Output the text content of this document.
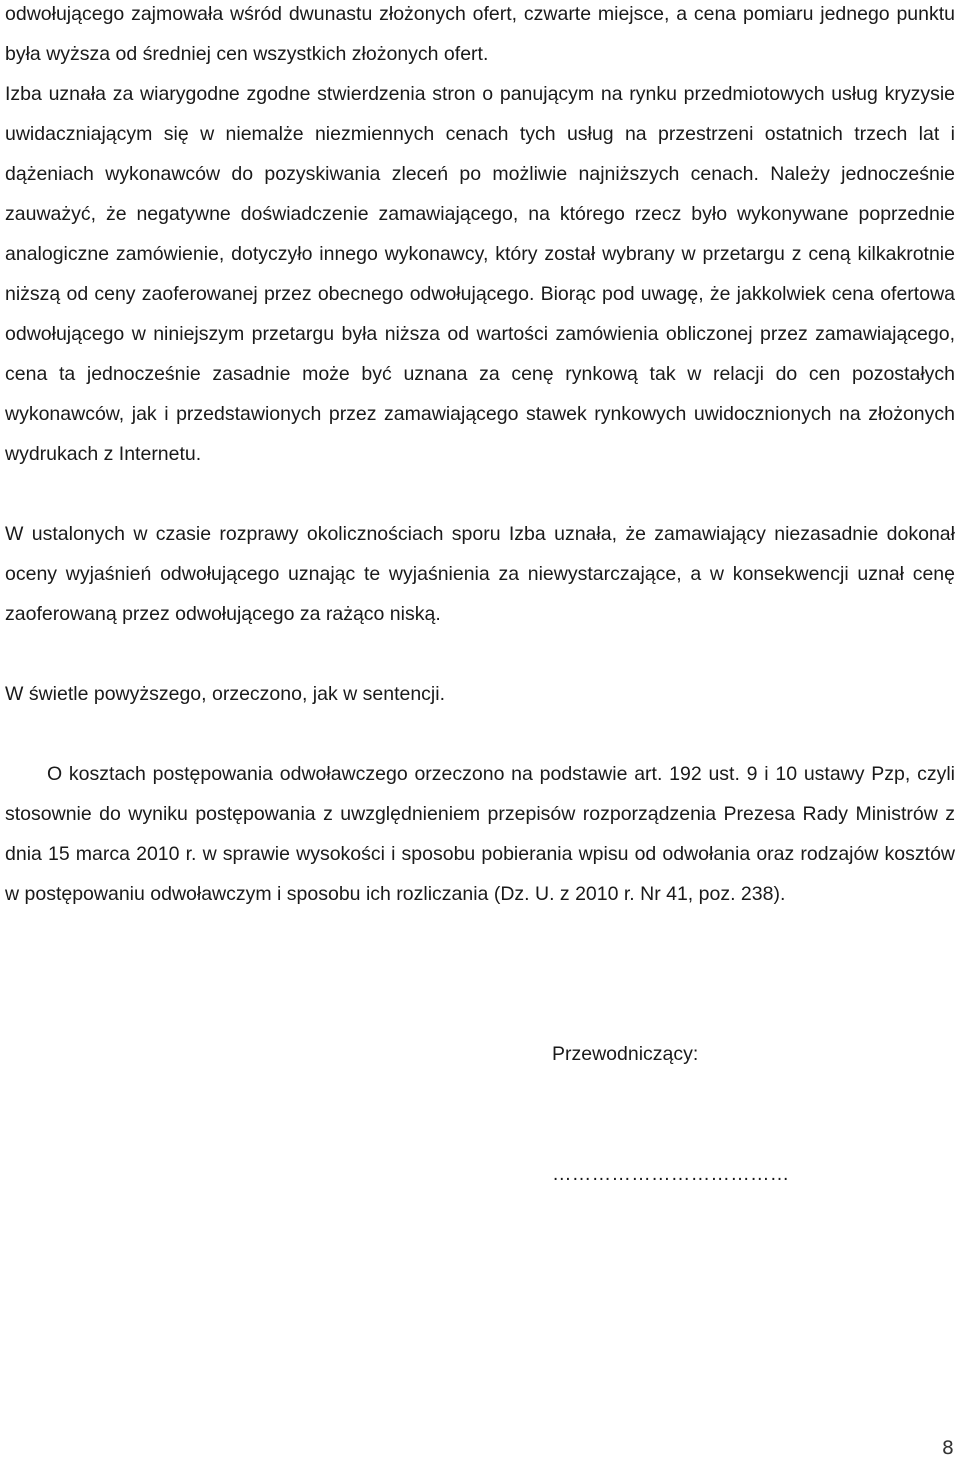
odwołującego zajmowała wśród dwunastu złożonych ofert, czwarte miejsce, a cena pomiaru jednego punktu była wyższa od średniej cen wszystkich złożonych ofert.

Izba uznała za wiarygodne zgodne stwierdzenia stron o panującym na rynku przedmiotowych usług kryzysie uwidaczniającym się w niemalże niezmiennych cenach tych usług na przestrzeni ostatnich trzech lat i dążeniach wykonawców do pozyskiwania zleceń po możliwie najniższych cenach. Należy jednocześnie zauważyć, że negatywne doświadczenie zamawiającego, na którego rzecz było wykonywane poprzednie analogiczne zamówienie, dotyczyło innego wykonawcy, który został wybrany w przetargu z ceną kilkakrotnie niższą od ceny zaoferowanej przez obecnego odwołującego. Biorąc pod uwagę, że jakkolwiek cena ofertowa odwołującego w niniejszym przetargu była niższa od wartości zamówienia obliczonej przez zamawiającego, cena ta jednocześnie zasadnie może być uznana za cenę rynkową tak w relacji do cen pozostałych wykonawców, jak i przedstawionych przez zamawiającego stawek rynkowych uwidocznionych na złożonych wydrukach z Internetu.

W ustalonych w czasie rozprawy okolicznościach sporu Izba uznała, że zamawiający niezasadnie dokonał oceny wyjaśnień odwołującego uznając te wyjaśnienia za niewystarczające, a w konsekwencji uznał cenę zaoferowaną przez odwołującego za rażąco niską.

W świetle powyższego, orzeczono, jak w sentencji.

O kosztach postępowania odwoławczego orzeczono na podstawie art. 192 ust. 9 i 10 ustawy Pzp, czyli stosownie do wyniku postępowania z uwzględnieniem przepisów rozporządzenia Prezesa Rady Ministrów z dnia 15 marca 2010 r. w sprawie wysokości i sposobu pobierania wpisu od odwołania oraz rodzajów kosztów w postępowaniu odwoławczym i sposobu ich rozliczania (Dz. U. z 2010 r. Nr 41, poz. 238).

Przewodniczący:

………………………………

8
